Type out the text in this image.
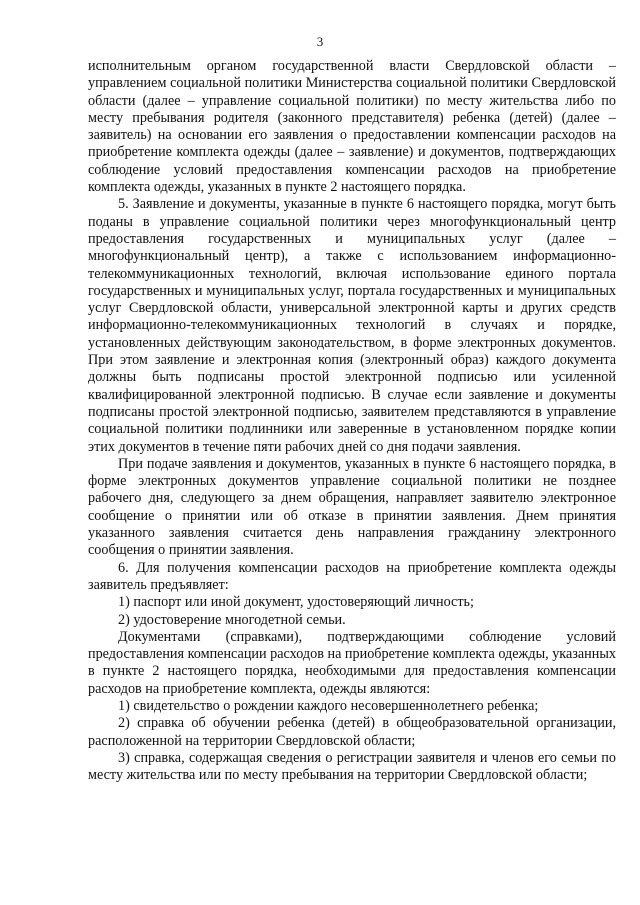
3

исполнительным органом государственной власти Свердловской области – управлением социальной политики Министерства социальной политики Свердловской области (далее – управление социальной политики) по месту жительства либо по месту пребывания родителя (законного представителя) ребенка (детей) (далее – заявитель) на основании его заявления о предоставлении компенсации расходов на приобретение комплекта одежды (далее – заявление) и документов, подтверждающих соблюдение условий предоставления компенсации расходов на приобретение комплекта одежды, указанных в пункте 2 настоящего порядка.

5. Заявление и документы, указанные в пункте 6 настоящего порядка, могут быть поданы в управление социальной политики через многофункциональный центр предоставления государственных и муниципальных услуг (далее – многофункциональный центр), а также с использованием информационно-телекоммуникационных технологий, включая использование единого портала государственных и муниципальных услуг, портала государственных и муниципальных услуг Свердловской области, универсальной электронной карты и других средств информационно-телекоммуникационных технологий в случаях и порядке, установленных действующим законодательством, в форме электронных документов. При этом заявление и электронная копия (электронный образ) каждого документа должны быть подписаны простой электронной подписью или усиленной квалифицированной электронной подписью. В случае если заявление и документы подписаны простой электронной подписью, заявителем представляются в управление социальной политики подлинники или заверенные в установленном порядке копии этих документов в течение пяти рабочих дней со дня подачи заявления.

При подаче заявления и документов, указанных в пункте 6 настоящего порядка, в форме электронных документов управление социальной политики не позднее рабочего дня, следующего за днем обращения, направляет заявителю электронное сообщение о принятии или об отказе в принятии заявления. Днем принятия указанного заявления считается день направления гражданину электронного сообщения о принятии заявления.

6. Для получения компенсации расходов на приобретение комплекта одежды заявитель предъявляет:

1) паспорт или иной документ, удостоверяющий личность;

2) удостоверение многодетной семьи.

Документами (справками), подтверждающими соблюдение условий предоставления компенсации расходов на приобретение комплекта одежды, указанных в пункте 2 настоящего порядка, необходимыми для предоставления компенсации расходов на приобретение комплекта, одежды являются:

1) свидетельство о рождении каждого несовершеннолетнего ребенка;

2) справка об обучении ребенка (детей) в общеобразовательной организации, расположенной на территории Свердловской области;

3) справка, содержащая сведения о регистрации заявителя и членов его семьи по месту жительства или по месту пребывания на территории Свердловской области;
